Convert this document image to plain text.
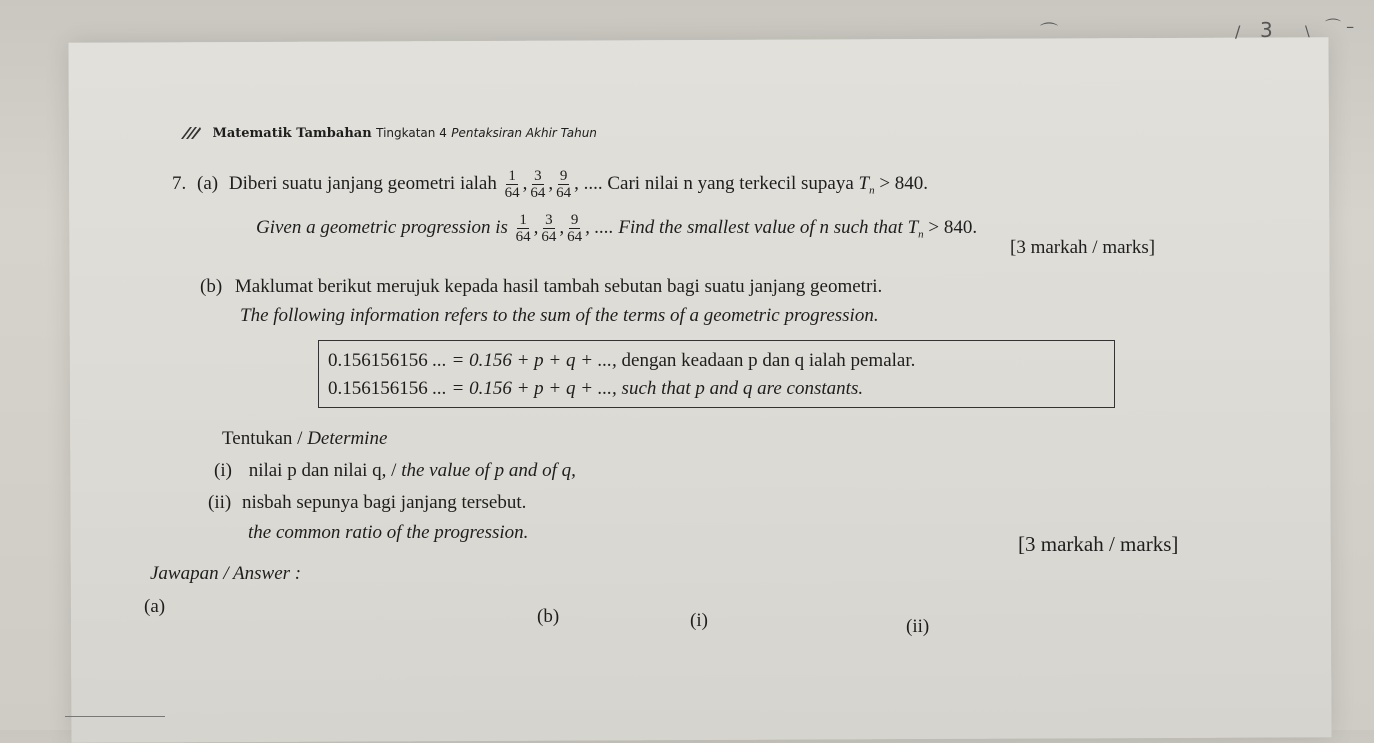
⌒	/ 3 \ ⌒ –
Matematik Tambahan Tingkatan 4 Pentaksiran Akhir Tahun
7. (a) Diberi suatu janjang geometri ialah $\frac{1}{64}$ , $\frac{3}{64}$ , $\frac{9}{64}$ , .... Cari nilai n yang terkecil supaya $T_n > 840$.
Given a geometric progression is $\frac{1}{64}$ , $\frac{3}{64}$ , $\frac{9}{64}$ , .... Find the smallest value of n such that $T_n > 840$.
[3 markah / marks]
(b) Maklumat berikut merujuk kepada hasil tambah sebutan bagi suatu janjang geometri.
The following information refers to the sum of the terms of a geometric progression.
0.156156156 ... = 0.156 + p + q + ..., dengan keadaan p dan q ialah pemalar.
0.156156156 ... = 0.156 + p + q + ..., such that p and q are constants.
Tentukan / Determine
(i) nilai p dan nilai q, / the value of p and of q,
(ii) nisbah sepunya bagi janjang tersebut.
the common ratio of the progression.	[3 markah / marks]
Jawapan / Answer :
(a)	(b)	(i)	(ii)
